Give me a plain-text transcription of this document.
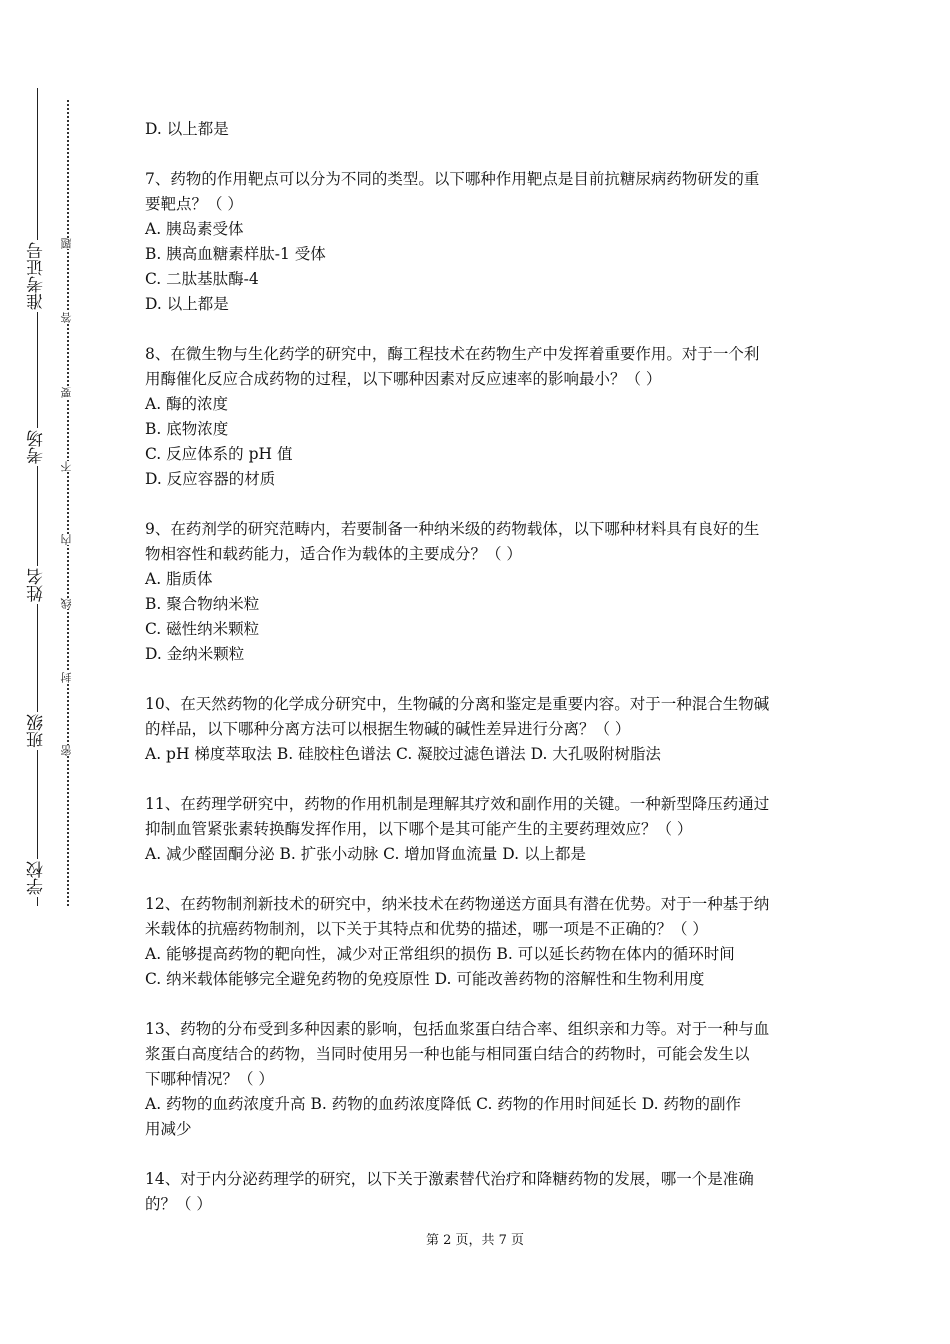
准考证号
考场
姓名
班级
学校
题
答
要
不
内
线
封
密
D. 以上都是
7、药物的作用靶点可以分为不同的类型。以下哪种作用靶点是目前抗糖尿病药物研发的重
要靶点？（ ）
A. 胰岛素受体
B. 胰高血糖素样肽-1 受体
C. 二肽基肽酶-4
D. 以上都是
8、在微生物与生化药学的研究中，酶工程技术在药物生产中发挥着重要作用。对于一个利
用酶催化反应合成药物的过程，以下哪种因素对反应速率的影响最小？（ ）
A. 酶的浓度
B. 底物浓度
C. 反应体系的 pH 值
D. 反应容器的材质
9、在药剂学的研究范畴内，若要制备一种纳米级的药物载体，以下哪种材料具有良好的生
物相容性和载药能力，适合作为载体的主要成分？（ ）
A. 脂质体
B. 聚合物纳米粒
C. 磁性纳米颗粒
D. 金纳米颗粒
10、在天然药物的化学成分研究中，生物碱的分离和鉴定是重要内容。对于一种混合生物碱
的样品，以下哪种分离方法可以根据生物碱的碱性差异进行分离？（ ）
A. pH 梯度萃取法 B. 硅胶柱色谱法 C. 凝胶过滤色谱法 D. 大孔吸附树脂法
11、在药理学研究中，药物的作用机制是理解其疗效和副作用的关键。一种新型降压药通过
抑制血管紧张素转换酶发挥作用，以下哪个是其可能产生的主要药理效应？（ ）
A. 减少醛固酮分泌 B. 扩张小动脉 C. 增加肾血流量 D. 以上都是
12、在药物制剂新技术的研究中，纳米技术在药物递送方面具有潜在优势。对于一种基于纳
米载体的抗癌药物制剂，以下关于其特点和优势的描述，哪一项是不正确的？（ ）
A. 能够提高药物的靶向性，减少对正常组织的损伤 B. 可以延长药物在体内的循环时间
C. 纳米载体能够完全避免药物的免疫原性 D. 可能改善药物的溶解性和生物利用度
13、药物的分布受到多种因素的影响，包括血浆蛋白结合率、组织亲和力等。对于一种与血
浆蛋白高度结合的药物，当同时使用另一种也能与相同蛋白结合的药物时，可能会发生以
下哪种情况？（ ）
A. 药物的血药浓度升高 B. 药物的血药浓度降低 C. 药物的作用时间延长 D. 药物的副作
用减少
14、对于内分泌药理学的研究，以下关于激素替代治疗和降糖药物的发展，哪一个是准确
的？（ ）
第 2 页，共 7 页
